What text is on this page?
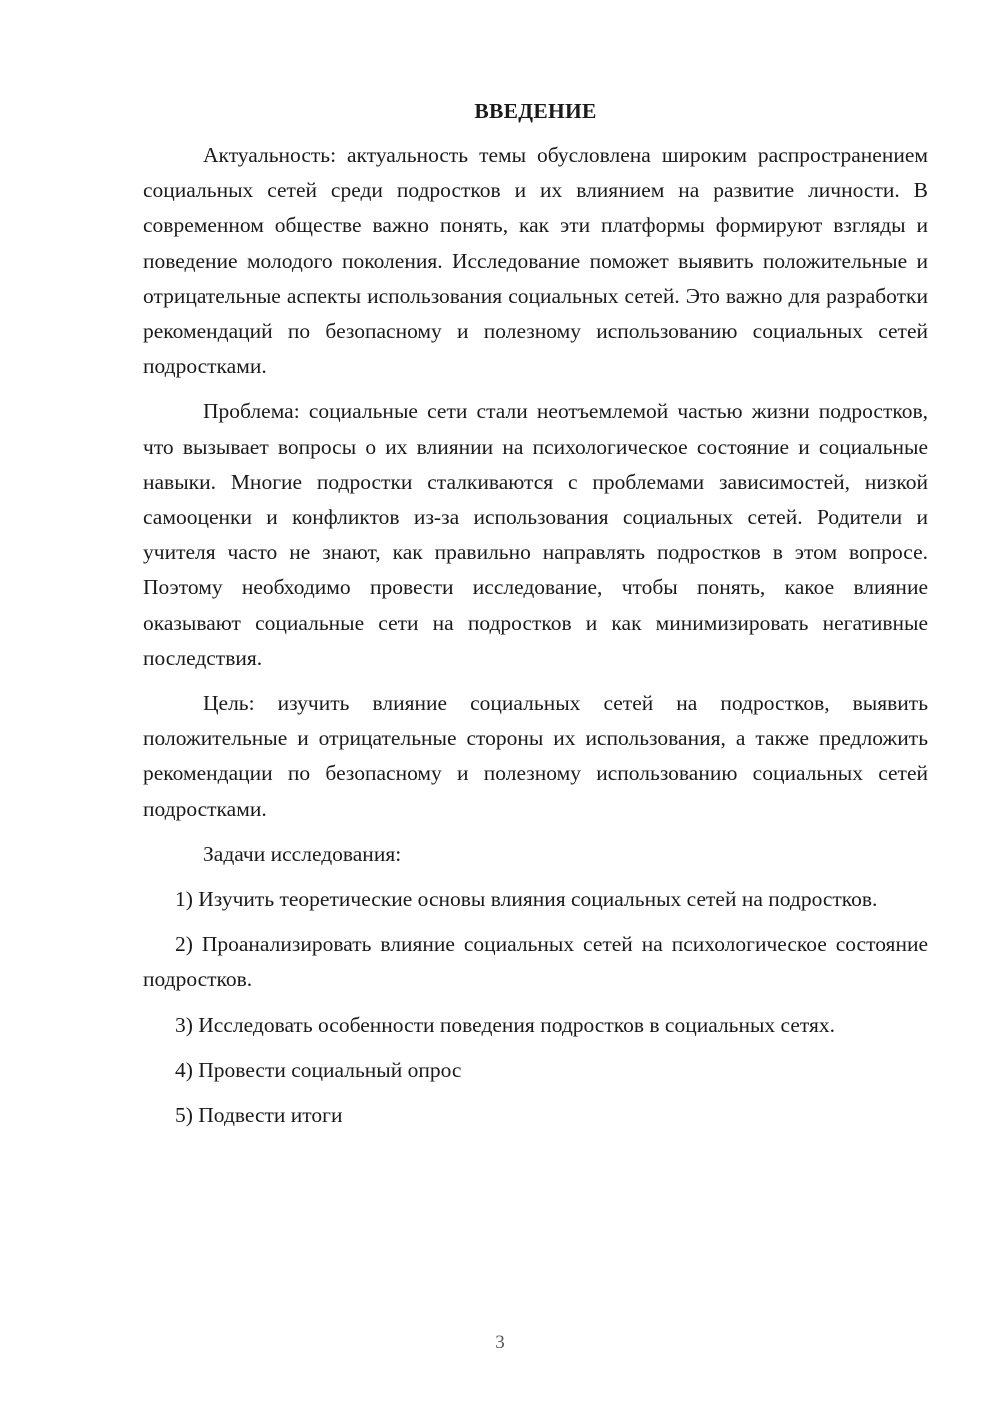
ВВЕДЕНИЕ

Актуальность: актуальность темы обусловлена широким распространением социальных сетей среди подростков и их влиянием на развитие личности. В современном обществе важно понять, как эти платформы формируют взгляды и поведение молодого поколения. Исследование поможет выявить положительные и отрицательные аспекты использования социальных сетей. Это важно для разработки рекомендаций по безопасному и полезному использованию социальных сетей подростками.

Проблема: социальные сети стали неотъемлемой частью жизни подростков, что вызывает вопросы о их влиянии на психологическое состояние и социальные навыки. Многие подростки сталкиваются с проблемами зависимостей, низкой самооценки и конфликтов из-за использования социальных сетей. Родители и учителя часто не знают, как правильно направлять подростков в этом вопросе. Поэтому необходимо провести исследование, чтобы понять, какое влияние оказывают социальные сети на подростков и как минимизировать негативные последствия.

Цель: изучить влияние социальных сетей на подростков, выявить положительные и отрицательные стороны их использования, а также предложить рекомендации по безопасному и полезному использованию социальных сетей подростками.

Задачи исследования:

1) Изучить теоретические основы влияния социальных сетей на подростков.

2) Проанализировать влияние социальных сетей на психологическое состояние подростков.

3) Исследовать особенности поведения подростков в социальных сетях.

4) Провести социальный опрос

5) Подвести итоги

3
